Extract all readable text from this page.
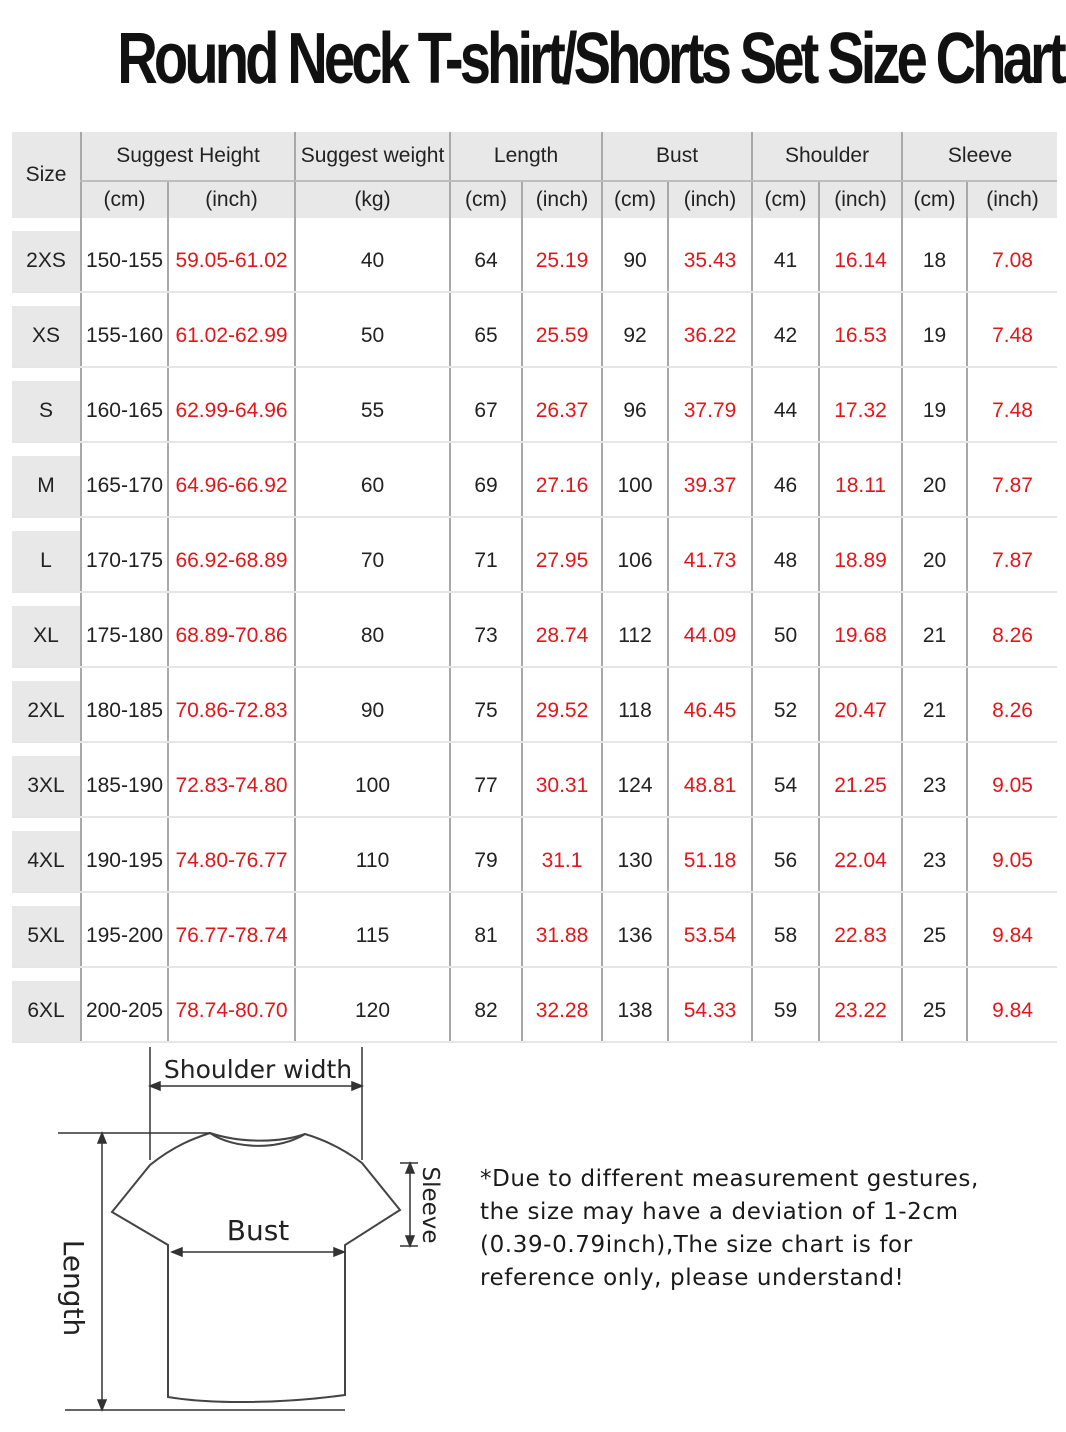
Round Neck T-shirt/Shorts Set Size Chart
Size	Suggest Height		Suggest weight	Length		Bust		Shoulder		Sleeve	
	(cm)	(inch)	(kg)	(cm)	(inch)	(cm)	(inch)	(cm)	(inch)	(cm)	(inch)

2XS	150-155	59.05-61.02	40	64	25.19	90	35.43	41	16.14	18	7.08

XS	155-160	61.02-62.99	50	65	25.59	92	36.22	42	16.53	19	7.48

S	160-165	62.99-64.96	55	67	26.37	96	37.79	44	17.32	19	7.48

M	165-170	64.96-66.92	60	69	27.16	100	39.37	46	18.11	20	7.87

L	170-175	66.92-68.89	70	71	27.95	106	41.73	48	18.89	20	7.87

XL	175-180	68.89-70.86	80	73	28.74	112	44.09	50	19.68	21	8.26

2XL	180-185	70.86-72.83	90	75	29.52	118	46.45	52	20.47	21	8.26

3XL	185-190	72.83-74.80	100	77	30.31	124	48.81	54	21.25	23	9.05

4XL	190-195	74.80-76.77	110	79	31.1	130	51.18	56	22.04	23	9.05

5XL	195-200	76.77-78.74	115	81	31.88	136	53.54	58	22.83	25	9.84

6XL	200-205	78.74-80.70	120	82	32.28	138	54.33	59	23.22	25	9.84
Shoulder width
Bust	Sleeve
Length
*Due to different measurement gestures,
the size may have a deviation of 1-2cm
(0.39-0.79inch),The size chart is for
reference only, please understand!
